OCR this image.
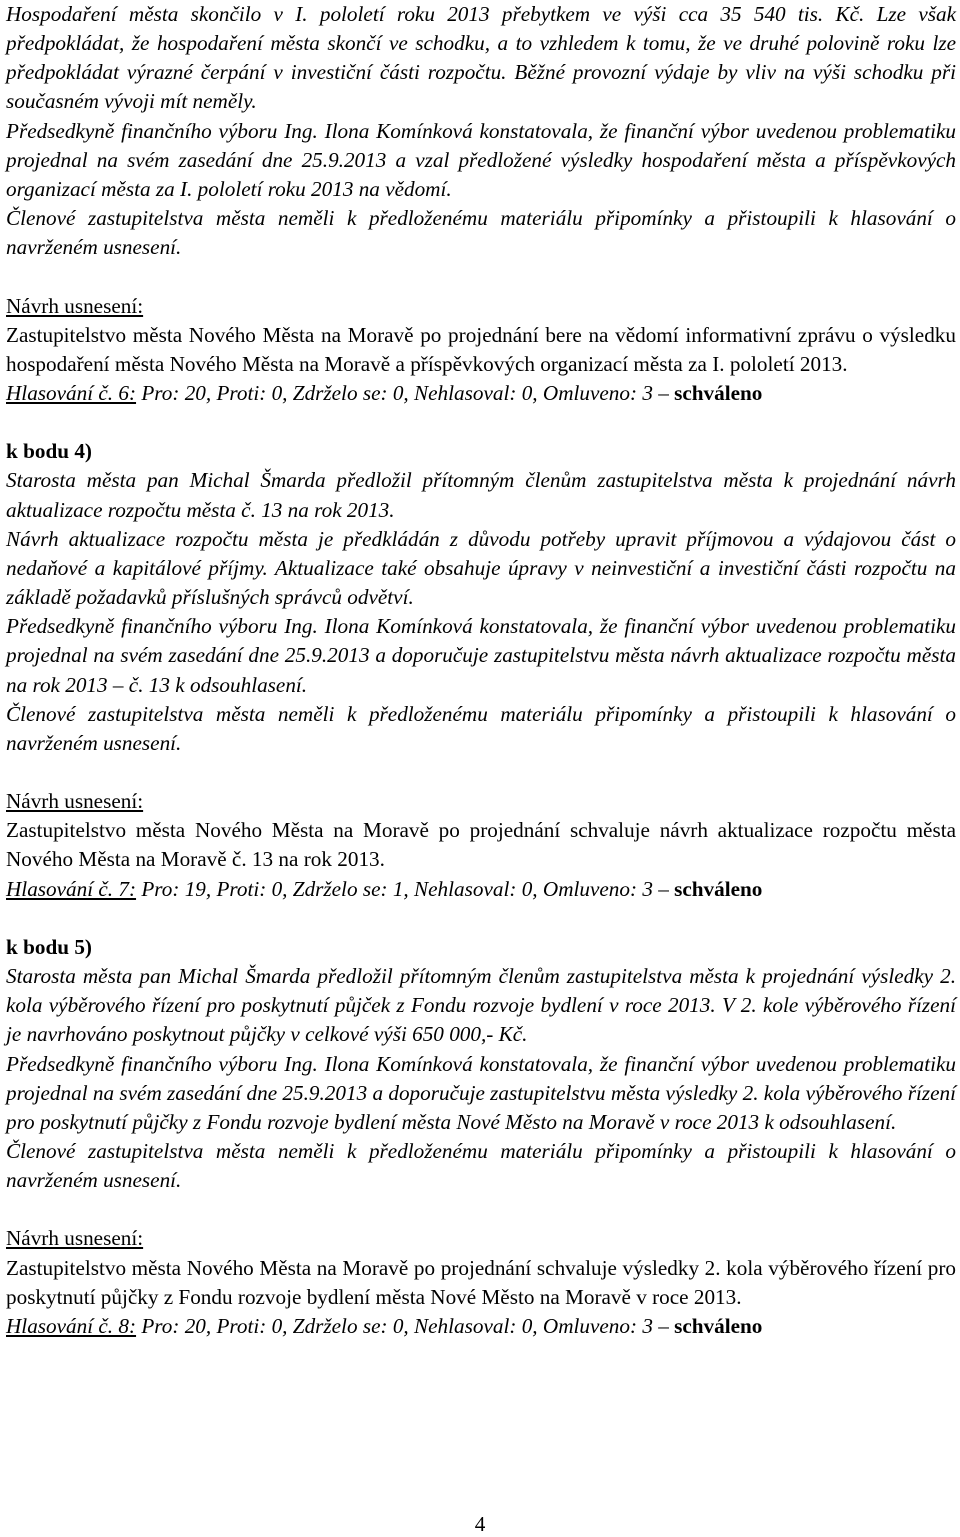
Hospodaření města skončilo v I. pololetí roku 2013 přebytkem ve výši cca 35 540 tis. Kč. Lze však předpokládat, že hospodaření města skončí ve schodku, a to vzhledem k tomu, že ve druhé polovině roku lze předpokládat výrazné čerpání v investiční části rozpočtu. Běžné provozní výdaje by vliv na výši schodku při současném vývoji mít neměly.

Předsedkyně finančního výboru Ing. Ilona Komínková konstatovala, že finanční výbor uvedenou problematiku projednal na svém zasedání dne 25.9.2013 a vzal předložené výsledky hospodaření města a příspěvkových organizací města za I. pololetí roku 2013 na vědomí.

Členové zastupitelstva města neměli k předloženému materiálu připomínky a přistoupili k hlasování o navrženém usnesení.

Návrh usnesení:

Zastupitelstvo města Nového Města na Moravě po projednání bere na vědomí informativní zprávu o výsledku hospodaření města Nového Města na Moravě a příspěvkových organizací města za I. pololetí 2013.

Hlasování č. 6: Pro: 20, Proti: 0, Zdrželo se: 0, Nehlasoval: 0, Omluveno: 3 – schváleno

k bodu 4)

Starosta města pan Michal Šmarda předložil přítomným členům zastupitelstva města k projednání návrh aktualizace rozpočtu města č. 13 na rok 2013.

Návrh aktualizace rozpočtu města je předkládán z důvodu potřeby upravit příjmovou a výdajovou část o nedaňové a kapitálové příjmy. Aktualizace také obsahuje úpravy v neinvestiční a investiční části rozpočtu na základě požadavků příslušných správců odvětví.

Předsedkyně finančního výboru Ing. Ilona Komínková konstatovala, že finanční výbor uvedenou problematiku projednal na svém zasedání dne 25.9.2013 a doporučuje zastupitelstvu města návrh aktualizace rozpočtu města na rok 2013 – č. 13 k odsouhlasení.

Členové zastupitelstva města neměli k předloženému materiálu připomínky a přistoupili k hlasování o navrženém usnesení.

Návrh usnesení:

Zastupitelstvo města Nového Města na Moravě po projednání schvaluje návrh aktualizace rozpočtu města Nového Města na Moravě č. 13 na rok 2013.

Hlasování č. 7: Pro: 19, Proti: 0, Zdrželo se: 1, Nehlasoval: 0, Omluveno: 3 – schváleno

k bodu 5)

Starosta města pan Michal Šmarda předložil přítomným členům zastupitelstva města k projednání výsledky 2. kola výběrového řízení pro poskytnutí půjček z Fondu rozvoje bydlení v roce 2013. V 2. kole výběrového řízení je navrhováno poskytnout půjčky v celkové výši 650 000,- Kč.

Předsedkyně finančního výboru Ing. Ilona Komínková konstatovala, že finanční výbor uvedenou problematiku projednal na svém zasedání dne 25.9.2013 a doporučuje zastupitelstvu města výsledky 2. kola výběrového řízení pro poskytnutí půjčky z Fondu rozvoje bydlení města Nové Město na Moravě v roce 2013 k odsouhlasení.

Členové zastupitelstva města neměli k předloženému materiálu připomínky a přistoupili k hlasování o navrženém usnesení.

Návrh usnesení:

Zastupitelstvo města Nového Města na Moravě po projednání schvaluje výsledky 2. kola výběrového řízení pro poskytnutí půjčky z Fondu rozvoje bydlení města Nové Město na Moravě v roce 2013.

Hlasování č. 8: Pro: 20, Proti: 0, Zdrželo se: 0, Nehlasoval: 0, Omluveno: 3 – schváleno

4
